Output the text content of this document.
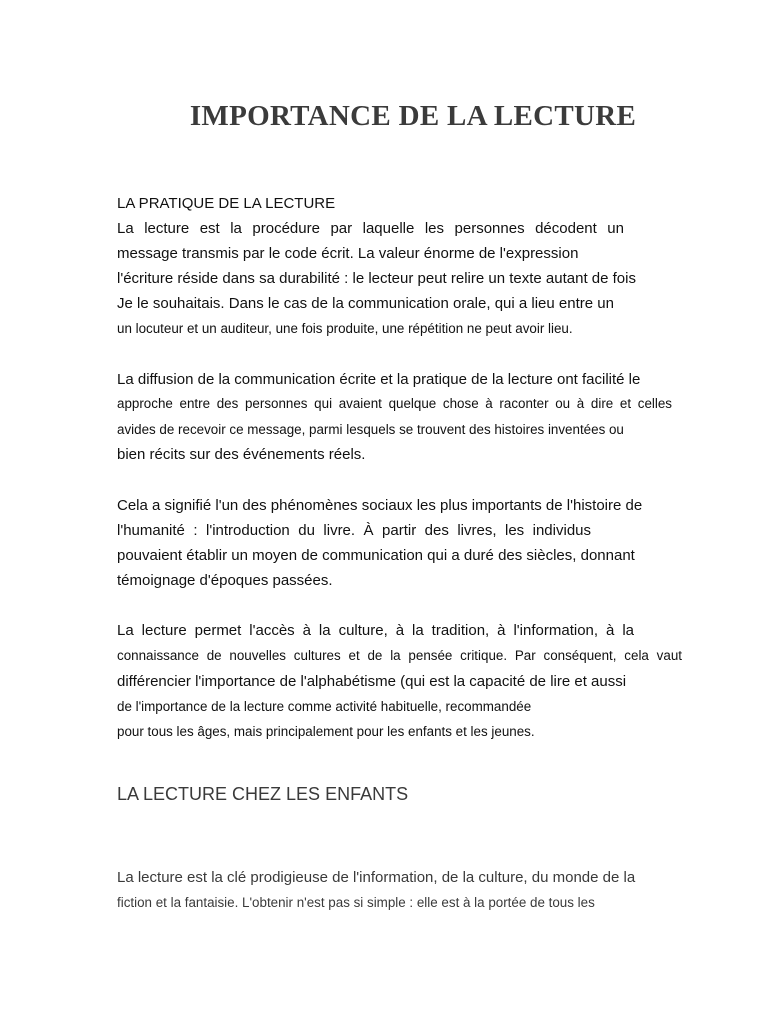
IMPORTANCE DE LA LECTURE
LA PRATIQUE DE LA LECTURE
La lecture est la procédure par laquelle les personnes décodent un
message transmis par le code écrit. La valeur énorme de l'expression
l'écriture réside dans sa durabilité : le lecteur peut relire un texte autant de fois
Je le souhaitais. Dans le cas de la communication orale, qui a lieu entre un
un locuteur et un auditeur, une fois produite, une répétition ne peut avoir lieu.
La diffusion de la communication écrite et la pratique de la lecture ont facilité le
approche entre des personnes qui avaient quelque chose à raconter ou à dire et celles
avides de recevoir ce message, parmi lesquels se trouvent des histoires inventées ou
bien récits sur des événements réels.
Cela a signifié l'un des phénomènes sociaux les plus importants de l'histoire de
l'humanité : l'introduction du livre. À partir des livres, les individus
pouvaient établir un moyen de communication qui a duré des siècles, donnant
témoignage d'époques passées.
La lecture permet l'accès à la culture, à la tradition, à l'information, à la
connaissance de nouvelles cultures et de la pensée critique. Par conséquent, cela vaut
différencier l'importance de l'alphabétisme (qui est la capacité de lire et aussi
de l'importance de la lecture comme activité habituelle, recommandée
pour tous les âges, mais principalement pour les enfants et les jeunes.
LA LECTURE CHEZ LES ENFANTS
La lecture est la clé prodigieuse de l'information, de la culture, du monde de la
fiction et la fantaisie. L'obtenir n'est pas si simple : elle est à la portée de tous les
